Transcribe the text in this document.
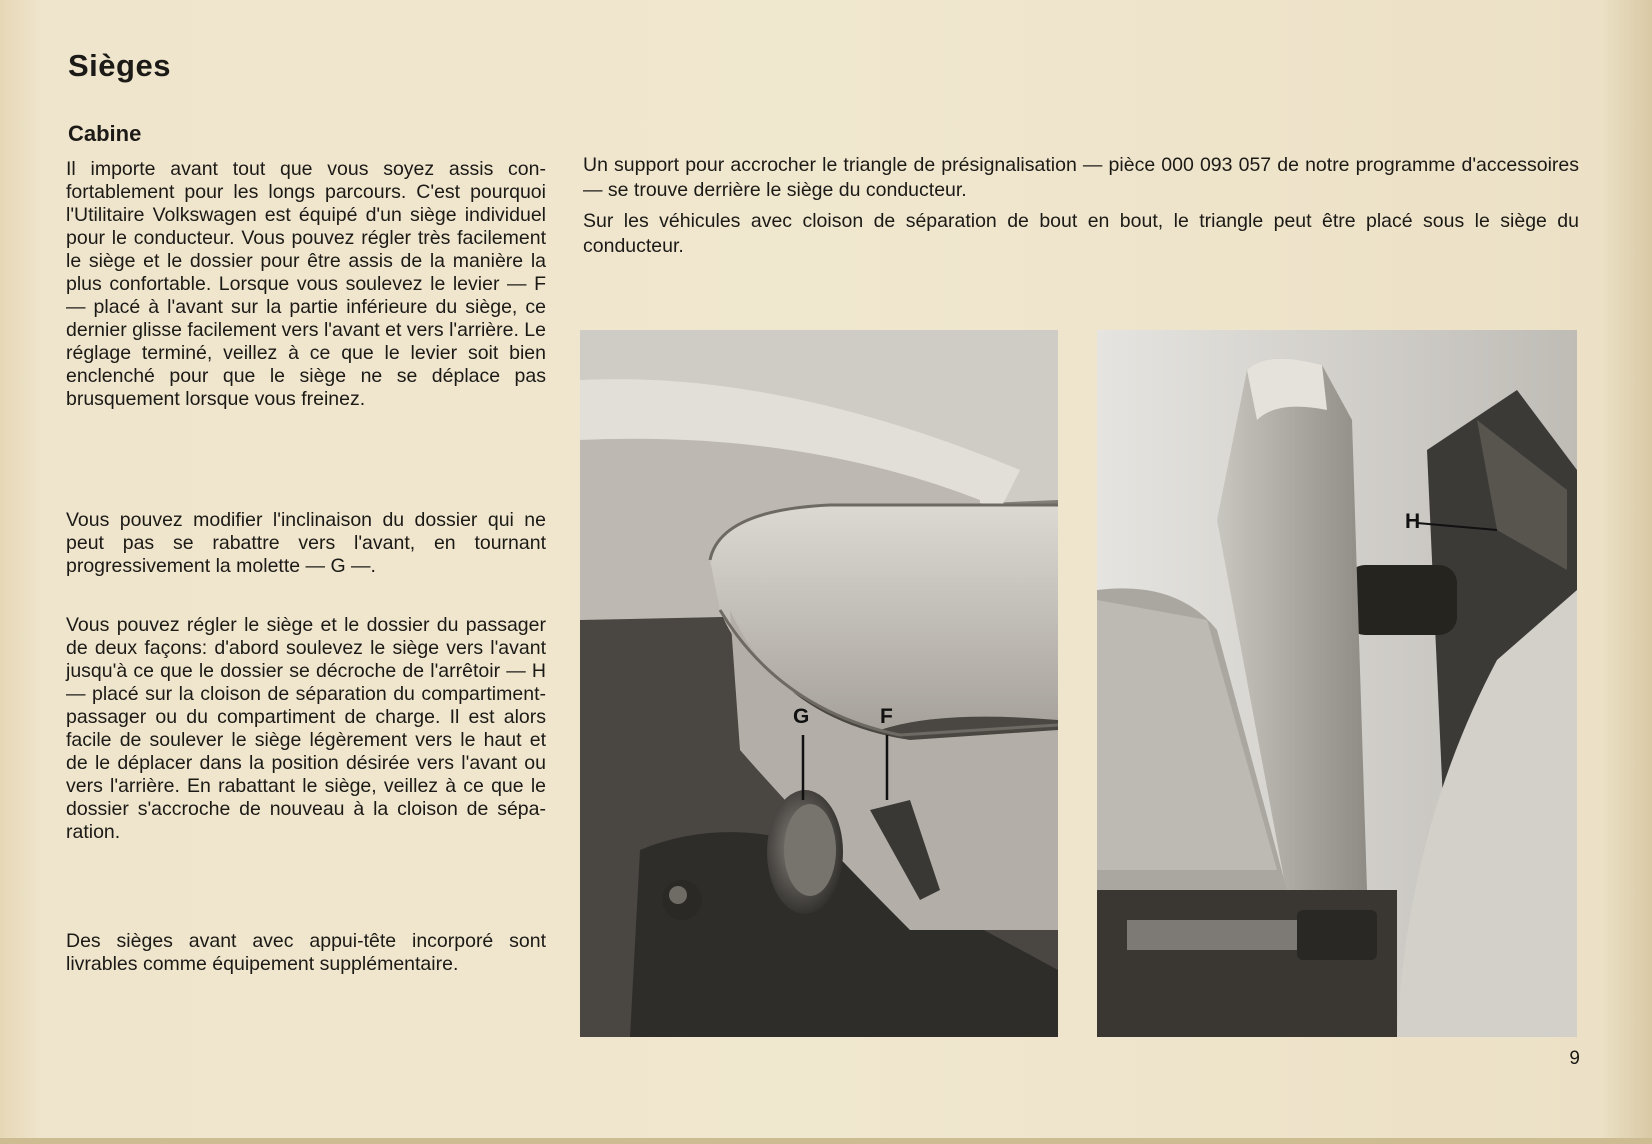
Sièges
Cabine

Il importe avant tout que vous soyez assis confortablement pour les longs parcours. C'est pourquoi l'Utilitaire Volkswagen est équipé d'un siège individuel pour le conducteur. Vous pouvez régler très facilement le siège et le dossier pour être assis de la manière la plus confortable. Lorsque vous soulevez le levier — F — placé à l'avant sur la partie inférieure du siège, ce dernier glisse facilement vers l'avant et vers l'arrière. Le réglage terminé, veillez à ce que le levier soit bien enclenché pour que le siège ne se déplace pas brusquement lorsque vous freinez.

Vous pouvez modifier l'inclinaison du dossier qui ne peut pas se rabattre vers l'avant, en tournant progressivement la molette — G —.

Vous pouvez régler le siège et le dossier du passager de deux façons: d'abord soulevez le siège vers l'avant jusqu'à ce que le dossier se décroche de l'arrêtoir — H — placé sur la cloison de séparation du compartiment-passager ou du compartiment de charge. Il est alors facile de soulever le siège légèrement vers le haut et de le déplacer dans la position désirée vers l'avant ou vers l'arrière. En rabattant le siège, veillez à ce que le dossier s'accroche de nouveau à la cloison de séparation.

Des sièges avant avec appui-tête incorporé sont livrables comme équipement supplémentaire.

Un support pour accrocher le triangle de présignalisation — pièce 000 093 057 de notre programme d'accessoires — se trouve derrière le siège du conducteur.

Sur les véhicules avec cloison de séparation de bout en bout, le triangle peut être placé sous le siège du conducteur.

G	F
H
9
